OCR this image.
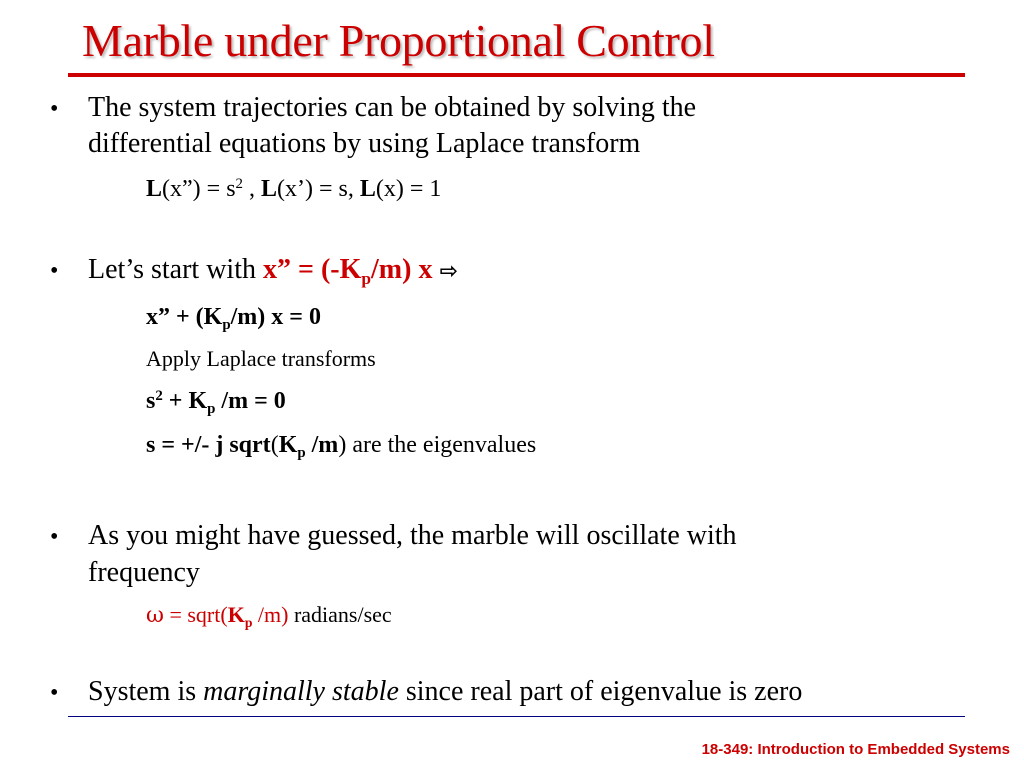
Marble under Proportional Control
• The system trajectories can be obtained by solving the
differential equations by using Laplace transform
L(x”) = $s^2$ , L(x’) = s, L(x) = 1
• Let’s start with x” = $(-K_p/m)$ x ⇨
x” + $(K_p/m) x = 0$
Apply Laplace transforms
$s^2 + K_p$ /m = 0
s = +/- j $sqrt(K_p$ /m) are the eigenvalues
• As you might have guessed, the marble will oscillate with
frequency
$\omega = sqrt(K_p$ /m) radians/sec
• System is marginally stable since real part of eigenvalue is zero
18-349: Introduction to Embedded Systems
